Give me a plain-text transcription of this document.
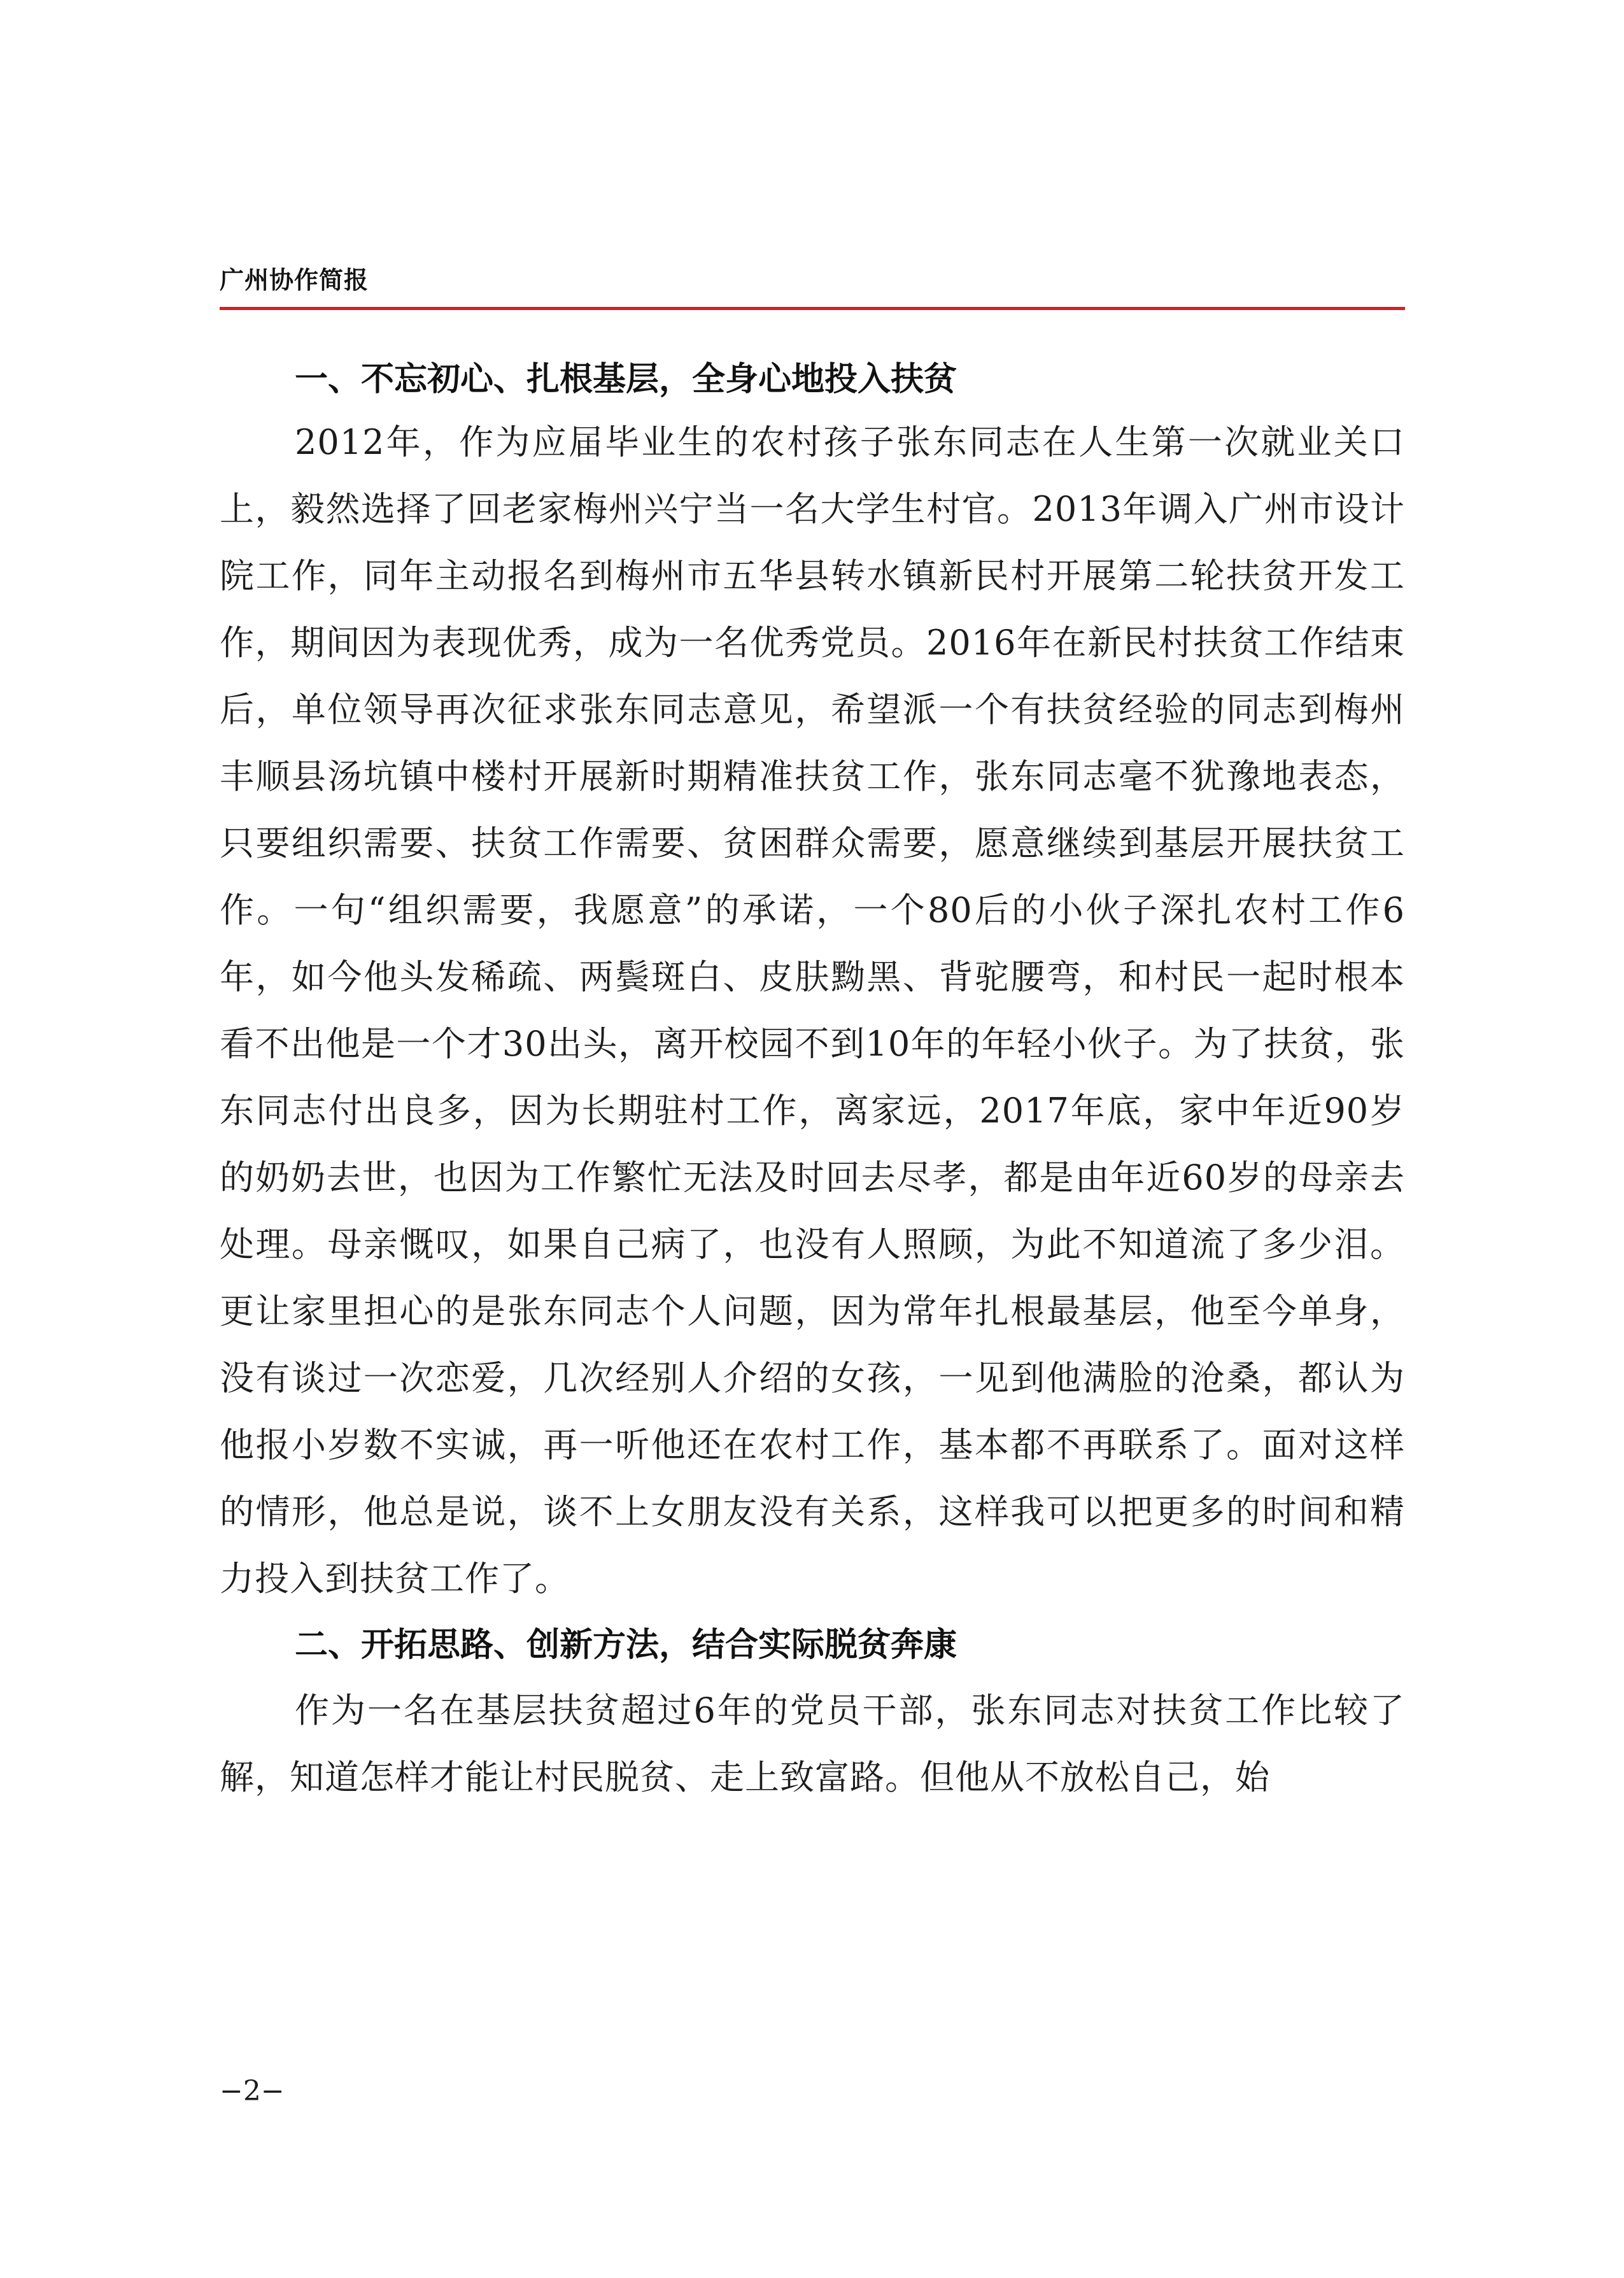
广州协作简报
一、不忘初心、扎根基层，全身心地投入扶贫

2012年，作为应届毕业生的农村孩子张东同志在人生第一次就业关口上，毅然选择了回老家梅州兴宁当一名大学生村官。2013年调入广州市设计院工作，同年主动报名到梅州市五华县转水镇新民村开展第二轮扶贫开发工作，期间因为表现优秀，成为一名优秀党员。2016年在新民村扶贫工作结束后，单位领导再次征求张东同志意见，希望派一个有扶贫经验的同志到梅州丰顺县汤坑镇中楼村开展新时期精准扶贫工作，张东同志毫不犹豫地表态，只要组织需要、扶贫工作需要、贫困群众需要，愿意继续到基层开展扶贫工作。一句“组织需要，我愿意”的承诺，一个80后的小伙子深扎农村工作6年，如今他头发稀疏、两鬓斑白、皮肤黝黑、背驼腰弯，和村民一起时根本看不出他是一个才30出头，离开校园不到10年的年轻小伙子。为了扶贫，张东同志付出良多，因为长期驻村工作，离家远，2017年底，家中年近90岁的奶奶去世，也因为工作繁忙无法及时回去尽孝，都是由年近60岁的母亲去处理。母亲慨叹，如果自己病了，也没有人照顾，为此不知道流了多少泪。更让家里担心的是张东同志个人问题，因为常年扎根最基层，他至今单身，没有谈过一次恋爱，几次经别人介绍的女孩，一见到他满脸的沧桑，都认为他报小岁数不实诚，再一听他还在农村工作，基本都不再联系了。面对这样的情形，他总是说，谈不上女朋友没有关系，这样我可以把更多的时间和精力投入到扶贫工作了。

二、开拓思路、创新方法，结合实际脱贫奔康

作为一名在基层扶贫超过6年的党员干部，张东同志对扶贫工作比较了解，知道怎样才能让村民脱贫、走上致富路。但他从不放松自己，始

−2−
